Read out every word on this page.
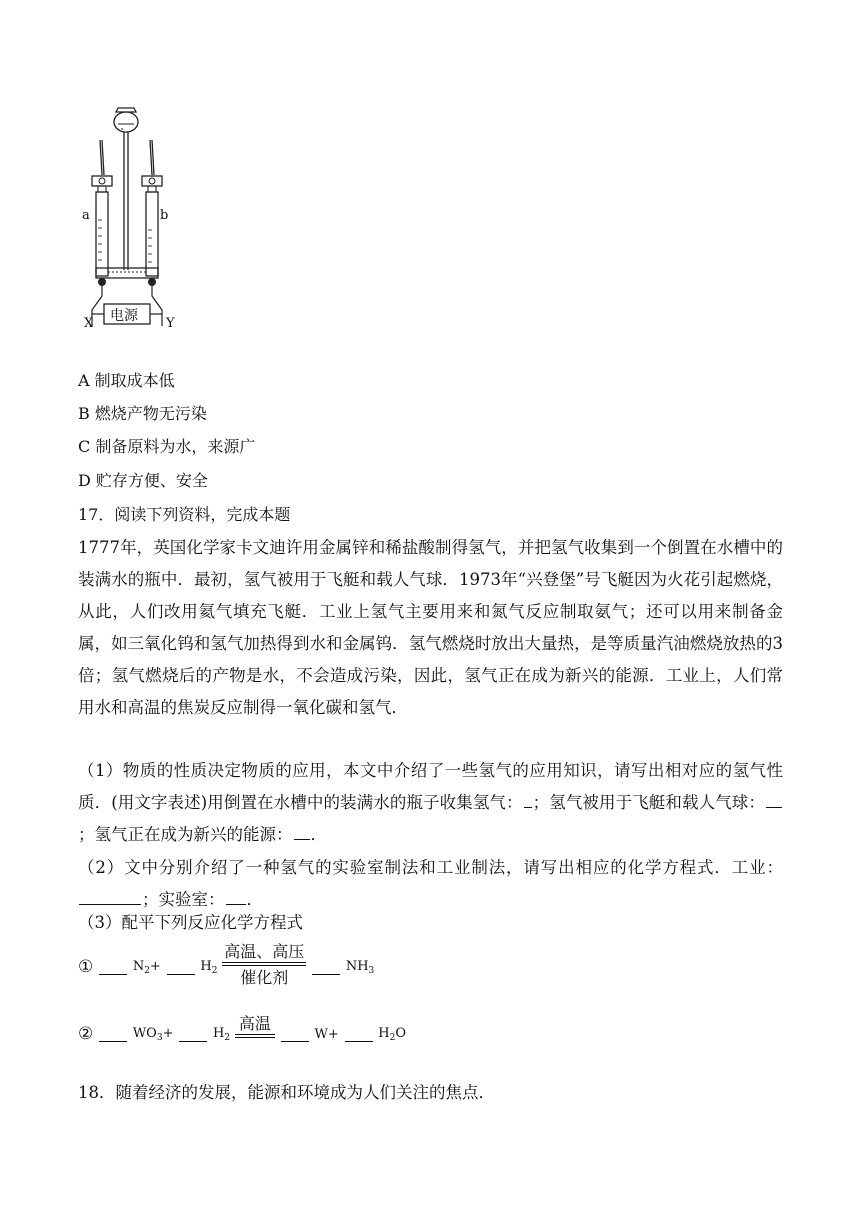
a	b
电源
X	Y
A 制取成本低
B 燃烧产物无污染
C 制备原料为水，来源广
D 贮存方便、安全
17．阅读下列资料，完成本题

1777年，英国化学家卡文迪许用金属锌和稀盐酸制得氢气，并把氢气收集到一个倒置在水槽中的装满水的瓶中．最初，氢气被用于飞艇和载人气球．1973年“兴登堡”号飞艇因为火花引起燃烧，从此，人们改用氦气填充飞艇．工业上氢气主要用来和氮气反应制取氨气；还可以用来制备金属，如三氧化钨和氢气加热得到水和金属钨．氢气燃烧时放出大量热，是等质量汽油燃烧放热的3倍；氢气燃烧后的产物是水，不会造成污染，因此，氢气正在成为新兴的能源．工业上，人们常用水和高温的焦炭反应制得一氧化碳和氢气．

（1）物质的性质决定物质的应用，本文中介绍了一些氢气的应用知识，请写出相对应的氢气性质．(用文字表述)用倒置在水槽中的装满水的瓶子收集氢气： ；氢气被用于飞艇和载人气球：；氢气正在成为新兴的能源： ．

（2）文中分别介绍了一种氢气的实验室制法和工业制法，请写出相应的化学方程式．工业：；实验室： ．

（3）配平下列反应化学方程式
①	$N_2+$	$H_2$
高温、高压
催化剂
$NH_3$
②	$WO_3+$	$H_2$
高温
W+	$H_2O$
18．随着经济的发展，能源和环境成为人们关注的焦点．
